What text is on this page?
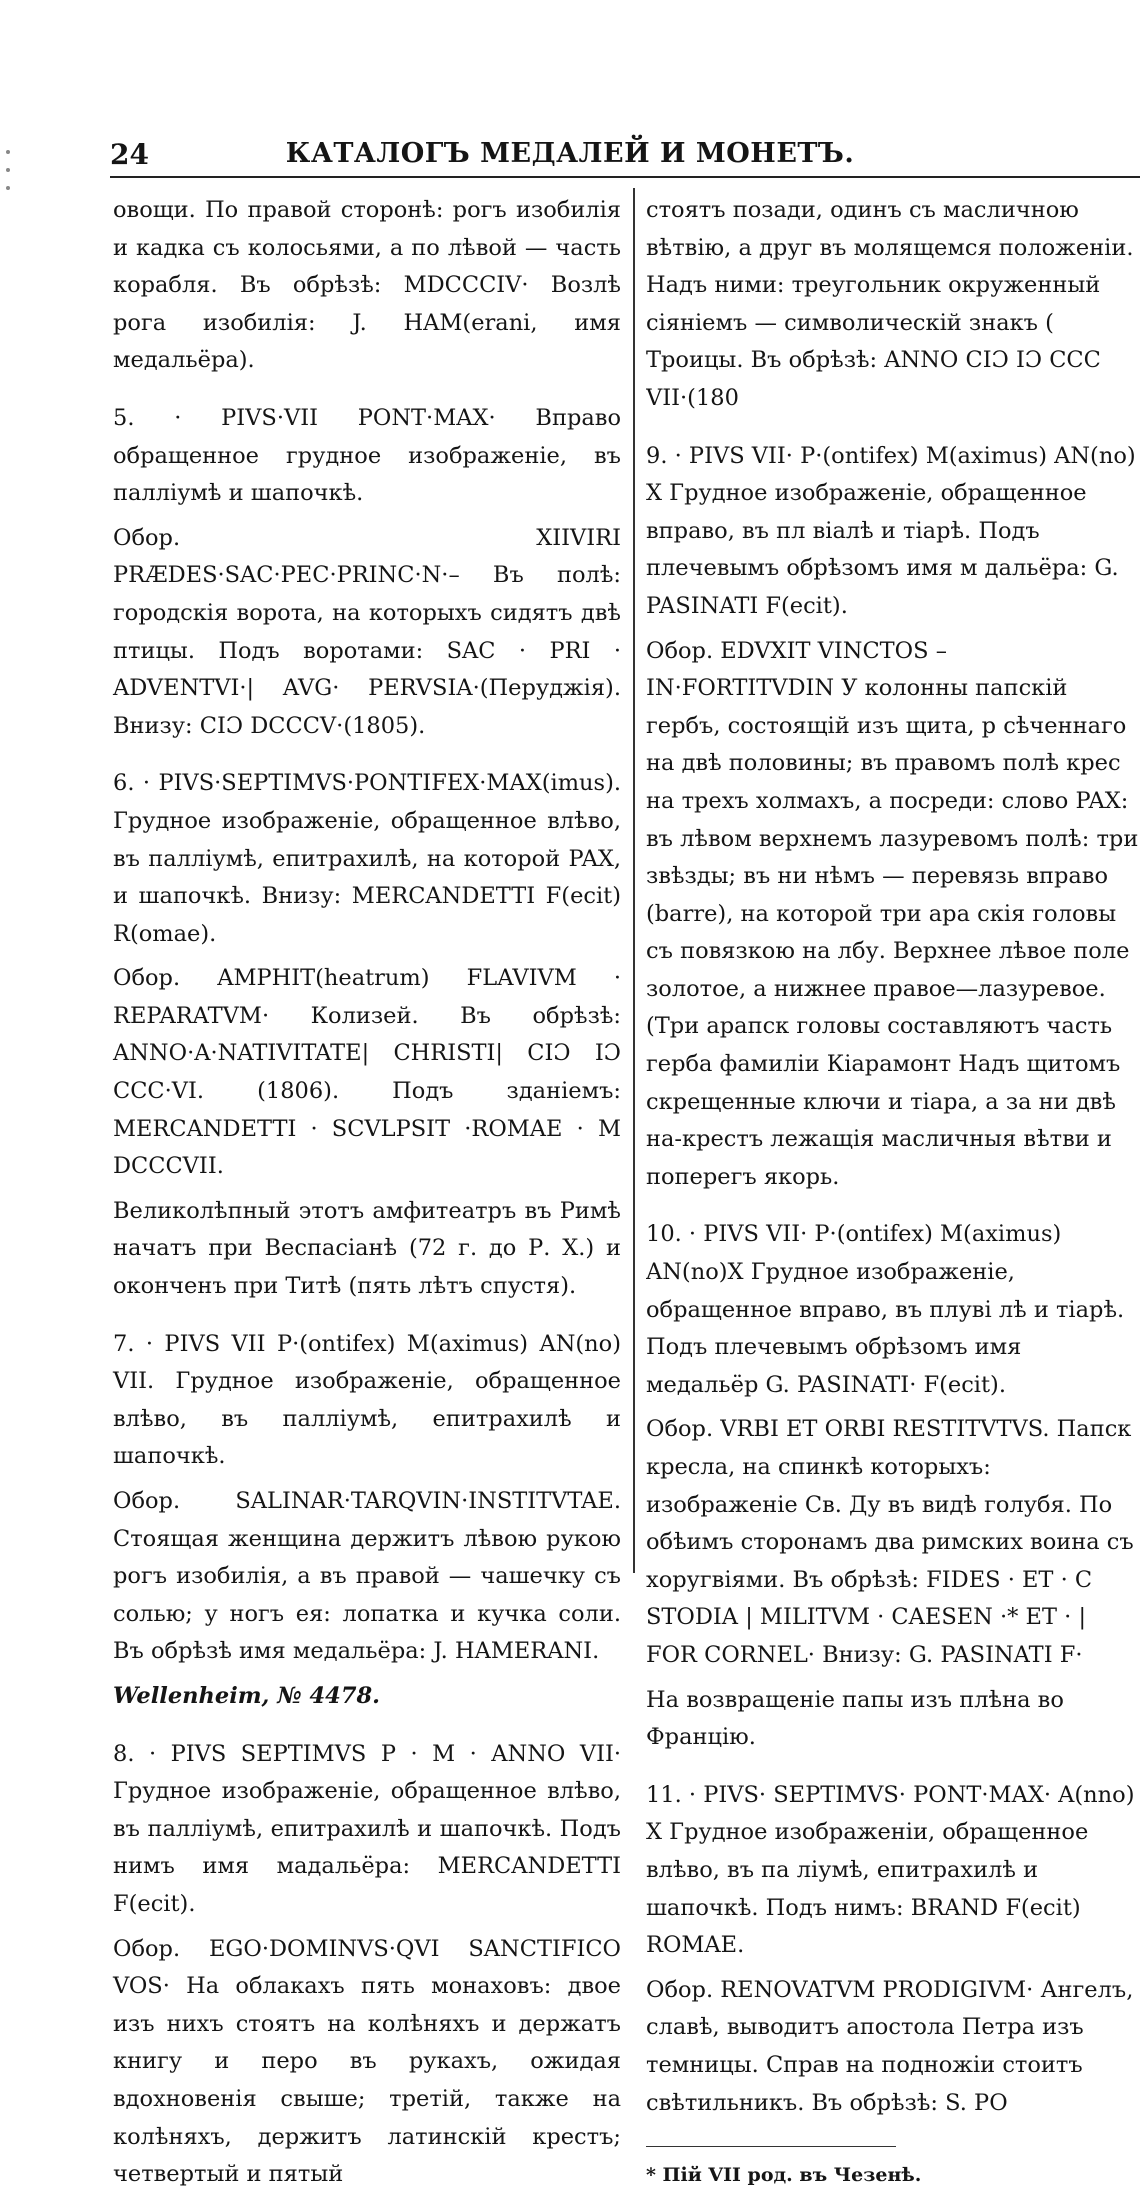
24	КАТАЛОГЪ МЕДАЛЕЙ И МОНЕТЪ.

овощи. По правой сторонѣ: рогъ изобилія и кадка съ колосьями, а по лѣвой — часть корабля. Въ обрѣзѣ: MDCCCIV· Возлѣ рога изобилія: J. HAM(erani, имя медальёра).

5. · PIVS·VII PONT·MAX· Вправо обращенное грудное изображеніе, въ палліумѣ и шапочкѣ.

Обор. XIIVIRI PRÆDES·SAC·PEC·PRINC·N·– Въ полѣ: городскія ворота, на которыхъ сидятъ двѣ птицы. Подъ воротами: SAC · PRI · ADVENTVI·| AVG· PERVSIA·(Перуджія). Внизу: CIƆ DCCCV·(1805).

6. · PIVS·SEPTIMVS·PONTIFEX·MAX(imus). Грудное изображеніе, обращенное влѣво, въ палліумѣ, епитрахилѣ, на которой PAX, и шапочкѣ. Внизу: MERCANDETTI F(ecit) R(omae).

Обор. AMPHIT(heatrum) FLAVIVM · REPARATVM· Колизей. Въ обрѣзѣ: ANNO·A·NATIVITATE| CHRISTI| CIƆ IƆ CCC·VI. (1806). Подъ зданіемъ: MERCANDETTI · SCVLPSIT ·ROMAE · M DCCCVII.

Великолѣпный этотъ амфитеатръ въ Римѣ начатъ при Веспасіанѣ (72 г. до Р. Х.) и оконченъ при Титѣ (пять лѣтъ спустя).

7. · PIVS VII P·(ontifex) M(aximus) AN(no) VII. Грудное изображеніе, обращенное влѣво, въ палліумѣ, епитрахилѣ и шапочкѣ.

Обор. SALINAR·TARQVIN·INSTITVTAE. Стоящая женщина держитъ лѣвою рукою рогъ изобилія, а въ правой — чашечку съ солью; у ногъ ея: лопатка и кучка соли. Въ обрѣзѣ имя медальёра: J. HAMERANI.

Wellenheim, № 4478.

8. · PIVS SEPTIMVS P · M · ANNO VII· Грудное изображеніе, обращенное влѣво, въ палліумѣ, епитрахилѣ и шапочкѣ. Подъ нимъ имя мадальёра: MERCANDETTI F(ecit).

Обор. EGO·DOMINVS·QVI SANCTIFICO VOS· На облакахъ пять монаховъ: двое изъ нихъ стоятъ на колѣняхъ и держатъ книгу и перо въ рукахъ, ожидая вдохновенія свыше; третій, также на колѣняхъ, держитъ латинскій крестъ; четвертый и пятый

стоятъ позади, одинъ съ масличною вѣтвію, а друг въ молящемся положеніи. Надъ ними: треугольник окруженный сіяніемъ — символическій знакъ ( Троицы. Въ обрѣзѣ: ANNO CIƆ IƆ CCC VII·(180

9. · PIVS VII· P·(ontifex) M(aximus) AN(no) X Грудное изображеніе, обращенное вправо, въ пл віалѣ и тіарѣ. Подъ плечевымъ обрѣзомъ имя м дальёра: G. PASINATI F(ecit).

Обор. EDVXIT VINCTOS – IN·FORTITVDIN У колонны папскій гербъ, состоящій изъ щита, р сѣченнаго на двѣ половины; въ правомъ полѣ крес на трехъ холмахъ, а посреди: слово PAX: въ лѣвом верхнемъ лазуревомъ полѣ: три звѣзды; въ ни нѣмъ — перевязь вправо (barre), на которой три ара скія головы съ повязкою на лбу. Верхнее лѣвое поле золотое, а нижнее правое—лазуревое. (Три арапск головы составляютъ часть герба фамиліи Кіарамонт Надъ щитомъ скрещенные ключи и тіара, а за ни двѣ на-крестъ лежащія масличныя вѣтви и поперегъ якорь.

10. · PIVS VII· P·(ontifex) M(aximus) AN(no)X Грудное изображеніе, обращенное вправо, въ плуві лѣ и тіарѣ. Подъ плечевымъ обрѣзомъ имя медальёр G. PASINATI· F(ecit).

Обор. VRBI ET ORBI RESTITVTVS. Папск кресла, на спинкѣ которыхъ: изображеніе Св. Ду въ видѣ голубя. По обѣимъ сторонамъ два римских воина съ хоругвіями. Въ обрѣзѣ: FIDES · ET · C STODIA | MILITVM · CAESEN ·* ET · | FOR CORNEL· Внизу: G. PASINATI F·

На возвращеніе папы изъ плѣна во Францію.

11. · PIVS· SEPTIMVS· PONT·MAX· A(nno) X Грудное изображеніи, обращенное влѣво, въ па ліумѣ, епитрахилѣ и шапочкѣ. Подъ нимъ: BRAND F(ecit) ROMAE.

Обор. RENOVATVM PRODIGIVM· Ангелъ, славѣ, выводитъ апостола Петра изъ темницы. Справ на подножіи стоитъ свѣтильникъ. Въ обрѣзѣ: S. PO

* Пій VII род. въ Чезенѣ.
